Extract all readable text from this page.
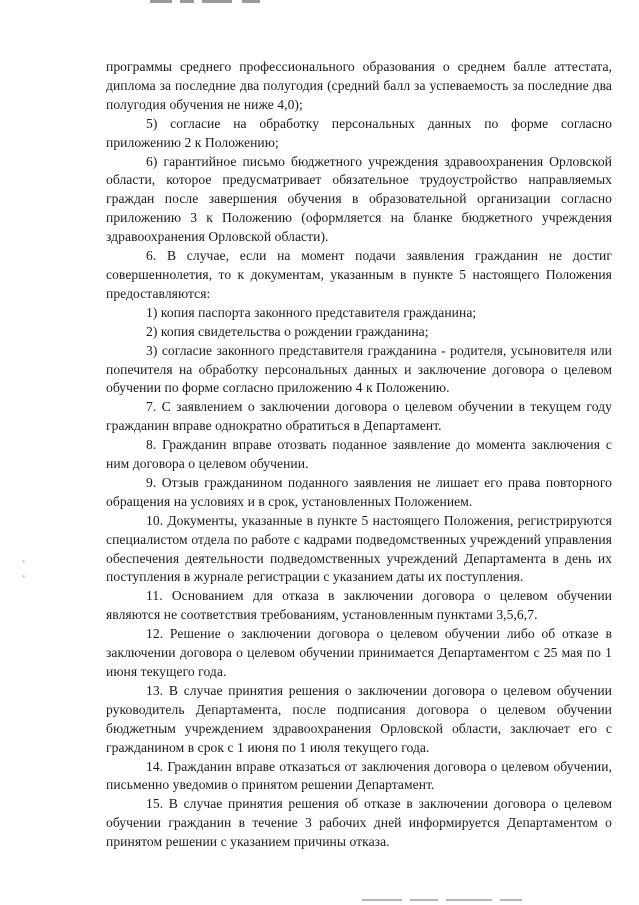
программы среднего профессионального образования о среднем балле аттестата, диплома за последние два полугодия (средний балл за успеваемость за последние два полугодия обучения не ниже 4,0);

5) согласие на обработку персональных данных по форме согласно приложению 2 к Положению;

6) гарантийное письмо бюджетного учреждения здравоохранения Орловской области, которое предусматривает обязательное трудоустройство направляемых граждан после завершения обучения в образовательной организации согласно приложению 3 к Положению (оформляется на бланке бюджетного учреждения здравоохранения Орловской области).

6. В случае, если на момент подачи заявления гражданин не достиг совершеннолетия, то к документам, указанным в пункте 5 настоящего Положения предоставляются:

1) копия паспорта законного представителя гражданина;

2) копия свидетельства о рождении гражданина;

3) согласие законного представителя гражданина - родителя, усыновителя или попечителя на обработку персональных данных и заключение договора о целевом обучении по форме согласно приложению 4 к Положению.

7. С заявлением о заключении договора о целевом обучении в текущем году гражданин вправе однократно обратиться в Департамент.

8. Гражданин вправе отозвать поданное заявление до момента заключения с ним договора о целевом обучении.

9. Отзыв гражданином поданного заявления не лишает его права повторного обращения на условиях и в срок, установленных Положением.

10. Документы, указанные в пункте 5 настоящего Положения, регистрируются специалистом отдела по работе с кадрами подведомственных учреждений управления обеспечения деятельности подведомственных учреждений Департамента в день их поступления в журнале регистрации с указанием даты их поступления.

11. Основанием для отказа в заключении договора о целевом обучении являются не соответствия требованиям, установленным пунктами 3,5,6,7.

12. Решение о заключении договора о целевом обучении либо об отказе в заключении договора о целевом обучении принимается Департаментом с 25 мая по 1 июня текущего года.

13. В случае принятия решения о заключении договора о целевом обучении руководитель Департамента, после подписания договора о целевом обучении бюджетным учреждением здравоохранения Орловской области, заключает его с гражданином в срок с 1 июня по 1 июля текущего года.

14. Гражданин вправе отказаться от заключения договора о целевом обучении, письменно уведомив о принятом решении Департамент.

15. В случае принятия решения об отказе в заключении договора о целевом обучении гражданин в течение 3 рабочих дней информируется Департаментом о принятом решении с указанием причины отказа.
